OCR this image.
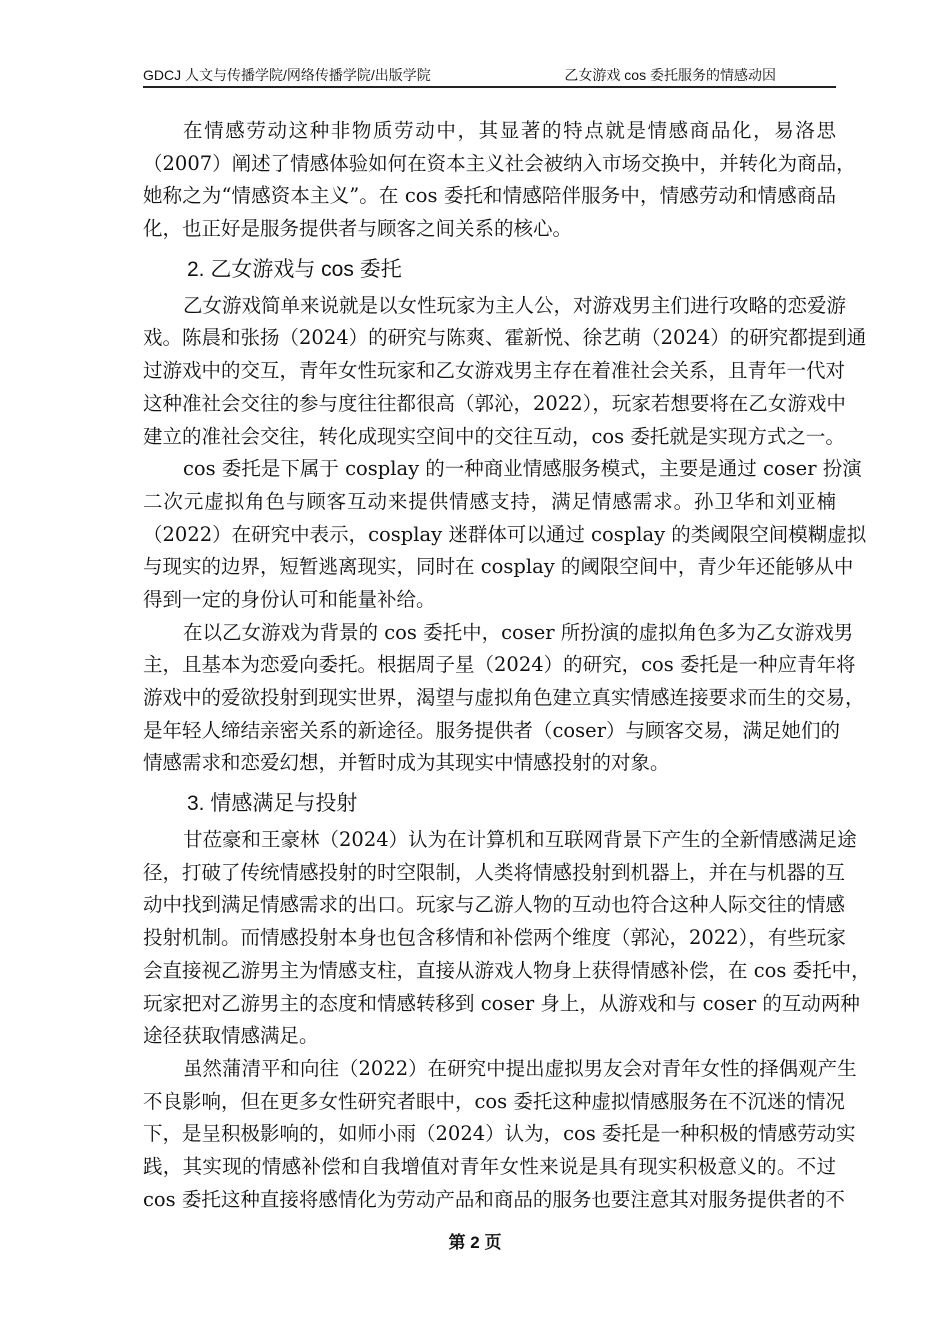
GDCJ 人文与传播学院/网络传播学院/出版学院	乙女游戏 cos 委托服务的情感动因
在情感劳动这种非物质劳动中，其显著的特点就是情感商品化，易洛思
（2007）阐述了情感体验如何在资本主义社会被纳入市场交换中，并转化为商品，
她称之为“情感资本主义”。在 cos 委托和情感陪伴服务中，情感劳动和情感商品
化，也正好是服务提供者与顾客之间关系的核心。
2. 乙女游戏与 cos 委托
乙女游戏简单来说就是以女性玩家为主人公，对游戏男主们进行攻略的恋爱游
戏。陈晨和张扬（2024）的研究与陈爽、霍新悦、徐艺萌（2024）的研究都提到通
过游戏中的交互，青年女性玩家和乙女游戏男主存在着准社会关系，且青年一代对
这种准社会交往的参与度往往都很高（郭沁，2022），玩家若想要将在乙女游戏中
建立的准社会交往，转化成现实空间中的交往互动，cos 委托就是实现方式之一。
cos 委托是下属于 cosplay 的一种商业情感服务模式，主要是通过 coser 扮演
二次元虚拟角色与顾客互动来提供情感支持，满足情感需求。孙卫华和刘亚楠
（2022）在研究中表示，cosplay 迷群体可以通过 cosplay 的类阈限空间模糊虚拟
与现实的边界，短暂逃离现实，同时在 cosplay 的阈限空间中，青少年还能够从中
得到一定的身份认可和能量补给。
在以乙女游戏为背景的 cos 委托中，coser 所扮演的虚拟角色多为乙女游戏男
主，且基本为恋爱向委托。根据周子星（2024）的研究，cos 委托是一种应青年将
游戏中的爱欲投射到现实世界，渴望与虚拟角色建立真实情感连接要求而生的交易，
是年轻人缔结亲密关系的新途径。服务提供者（coser）与顾客交易，满足她们的
情感需求和恋爱幻想，并暂时成为其现实中情感投射的对象。
3. 情感满足与投射
甘莅豪和王豪林（2024）认为在计算机和互联网背景下产生的全新情感满足途
径，打破了传统情感投射的时空限制，人类将情感投射到机器上，并在与机器的互
动中找到满足情感需求的出口。玩家与乙游人物的互动也符合这种人际交往的情感
投射机制。而情感投射本身也包含移情和补偿两个维度（郭沁，2022），有些玩家
会直接视乙游男主为情感支柱，直接从游戏人物身上获得情感补偿，在 cos 委托中，
玩家把对乙游男主的态度和情感转移到 coser 身上，从游戏和与 coser 的互动两种
途径获取情感满足。
虽然蒲清平和向往（2022）在研究中提出虚拟男友会对青年女性的择偶观产生
不良影响，但在更多女性研究者眼中，cos 委托这种虚拟情感服务在不沉迷的情况
下，是呈积极影响的，如师小雨（2024）认为，cos 委托是一种积极的情感劳动实
践，其实现的情感补偿和自我增值对青年女性来说是具有现实积极意义的。不过
cos 委托这种直接将感情化为劳动产品和商品的服务也要注意其对服务提供者的不
第 2 页
